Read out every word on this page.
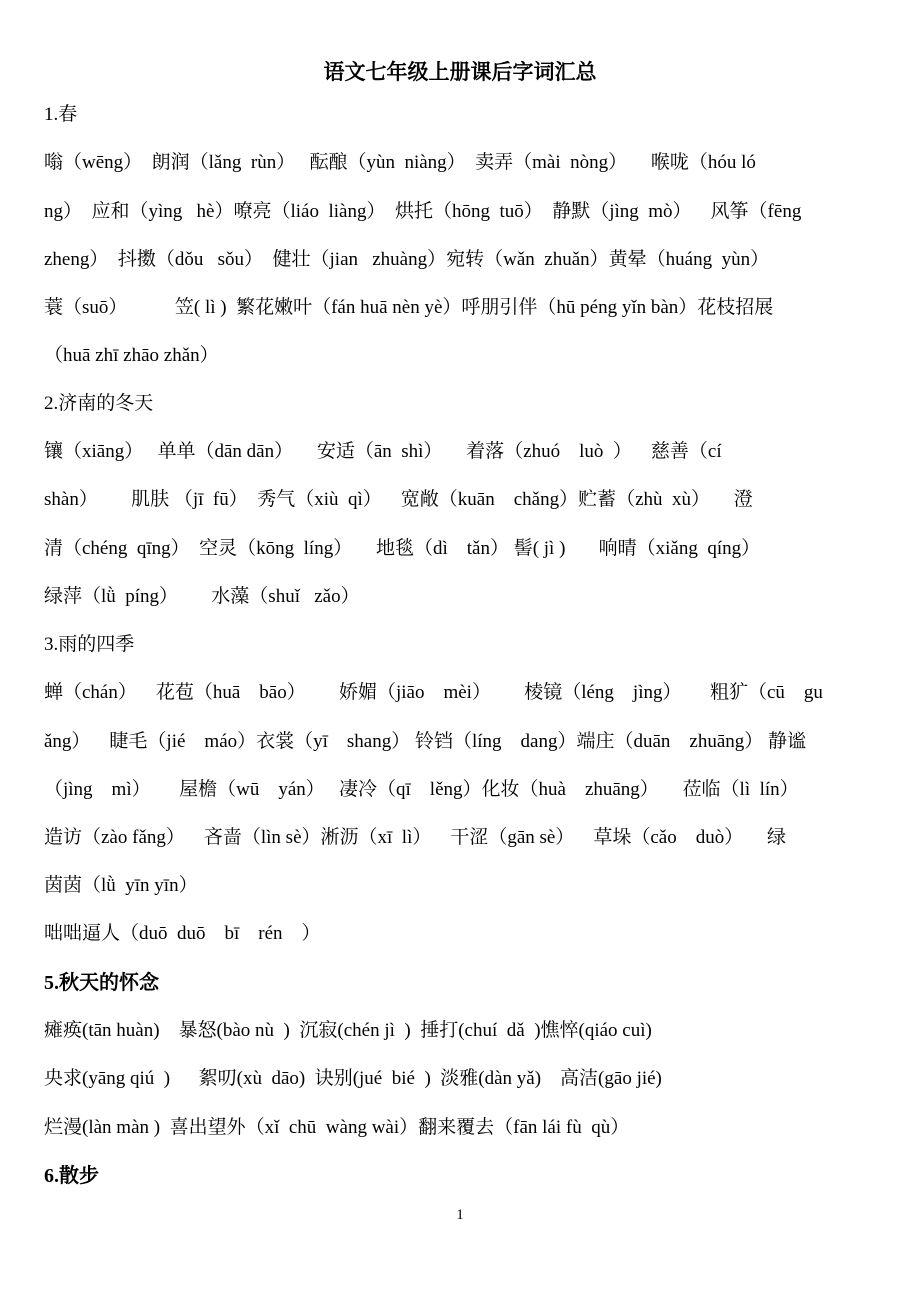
语文七年级上册课后字词汇总
1.春
嗡（wēng）  朗润（lǎng  rùn）   酝酿（yùn  niàng）  卖弄（mài  nòng）     喉咙（hóu ló
ng）  应和（yìng   hè）嘹亮（liáo  liàng）  烘托（hōng  tuō）  静默（jìng  mò）    风筝（fēng
zheng）  抖擞（dǒu   sǒu）  健壮（jian   zhuàng）宛转（wǎn  zhuǎn）黄晕（huáng  yùn）
蓑（suō）          笠( lì )  繁花嫩叶（fán huā nèn yè）呼朋引伴（hū péng yǐn bàn）花枝招展
（huā zhī zhāo zhǎn）
2.济南的冬天
镶（xiāng）   单单（dān dān）     安适（ān  shì）     着落（zhuó    luò  ）    慈善（cí
shàn）       肌肤 （jī  fū）  秀气（xiù  qì）    宽敞（kuān    chǎng）贮蓄（zhù  xù）     澄
清（chéng  qīng）  空灵（kōng  líng）     地毯（dì    tǎn） 髻( jì )       响晴（xiǎng  qíng）
绿萍（lǜ  píng）       水藻（shuǐ   zǎo）
3.雨的四季
蝉（chán）    花苞（huā    bāo）       娇媚（jiāo    mèi）       棱镜（léng    jìng）      粗犷（cū    gu
ǎng）    睫毛（jié    máo）衣裳（yī    shang） 铃铛（líng    dang）端庄（duān    zhuāng） 静谧
（jìng    mì）      屋檐（wū    yán）   凄冷（qī    lěng）化妆（huà    zhuāng）     莅临（lì  lín）
造访（zào fǎng）    吝啬（lìn sè）淅沥（xī  lì）    干涩（gān sè）    草垛（cǎo    duò）     绿
茵茵（lǜ  yīn yīn）
咄咄逼人（duō  duō    bī    rén    ）
5.秋天的怀念
瘫痪(tān huàn)    暴怒(bào nù  )  沉寂(chén jì  )  捶打(chuí  dǎ  )憔悴(qiáo cuì)
央求(yāng qiú  )      絮叨(xù  dāo)  诀别(jué  bié  )  淡雅(dàn yǎ)    高洁(gāo jié)
烂漫(làn màn )  喜出望外（xǐ  chū  wàng wài）翻来覆去（fān lái fù  qù）
6.散步
1
